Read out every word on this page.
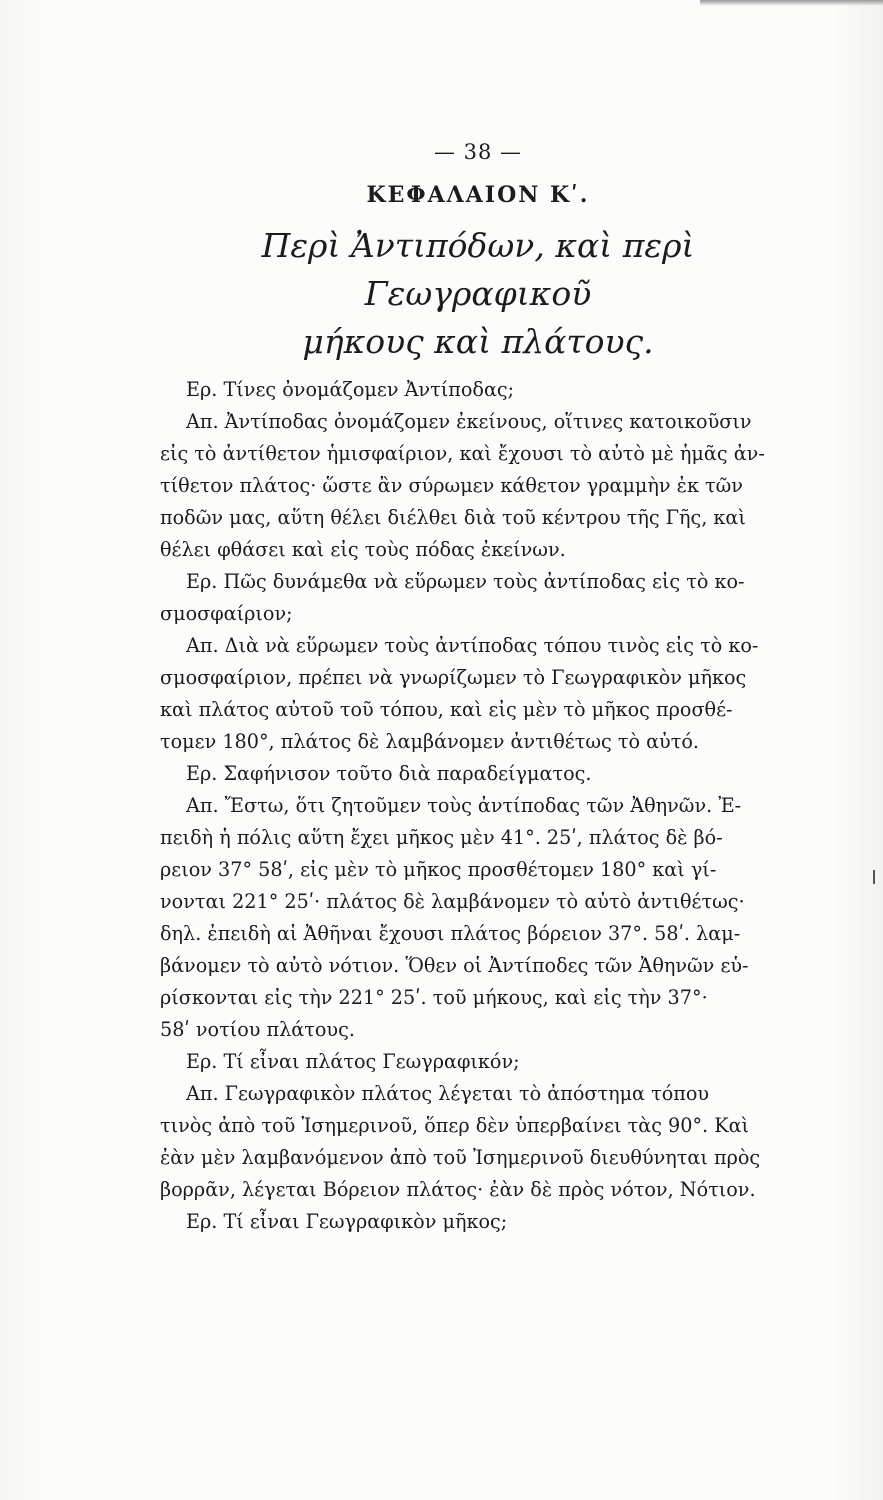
— 38 —
ΚΕΦΑΛΑΙΟΝ Κʹ.
Περὶ Ἀντιπόδων, καὶ περὶ Γεωγραφικοῦ
μήκους καὶ πλάτους.
Ερ. Τίνες ὀνομάζομεν Ἀντίποδας;
Απ. Ἀντίποδας ὀνομάζομεν ἐκείνους, οἵτινες κατοικοῦσιν
εἰς τὸ ἀντίθετον ἡμισφαίριον, καὶ ἔχουσι τὸ αὐτὸ μὲ ἡμᾶς ἀν-
τίθετον πλάτος· ὥστε ἂν σύρωμεν κάθετον γραμμὴν ἐκ τῶν
ποδῶν μας, αὕτη θέλει διέλθει διὰ τοῦ κέντρου τῆς Γῆς, καὶ
θέλει φθάσει καὶ εἰς τοὺς πόδας ἐκείνων.
Ερ. Πῶς δυνάμεθα νὰ εὕρωμεν τοὺς ἀντίποδας εἰς τὸ κο-
σμοσφαίριον;
Απ. Διὰ νὰ εὕρωμεν τοὺς ἀντίποδας τόπου τινὸς εἰς τὸ κο-
σμοσφαίριον, πρέπει νὰ γνωρίζωμεν τὸ Γεωγραφικὸν μῆκος
καὶ πλάτος αὐτοῦ τοῦ τόπου, καὶ εἰς μὲν τὸ μῆκος προσθέ-
τομεν 180°, πλάτος δὲ λαμβάνομεν ἀντιθέτως τὸ αὐτό.
Ερ. Σαφήνισον τοῦτο διὰ παραδείγματος.
Απ. Ἔστω, ὅτι ζητοῦμεν τοὺς ἀντίποδας τῶν Ἀθηνῶν. Ἐ-
πειδὴ ἡ πόλις αὕτη ἔχει μῆκος μὲν 41°. 25ʹ, πλάτος δὲ βό-
ρειον 37° 58ʹ, εἰς μὲν τὸ μῆκος προσθέτομεν 180° καὶ γί-
νονται 221° 25ʹ· πλάτος δὲ λαμβάνομεν τὸ αὐτὸ ἀντιθέτως·
δηλ. ἐπειδὴ αἱ Ἀθῆναι ἔχουσι πλάτος βόρειον 37°. 58ʹ. λαμ-
βάνομεν τὸ αὐτὸ νότιον. Ὅθεν οἱ Ἀντίποδες τῶν Ἀθηνῶν εὑ-
ρίσκονται εἰς τὴν 221° 25ʹ. τοῦ μήκους, καὶ εἰς τὴν 37°·
58ʹ νοτίου πλάτους.
Ερ. Τί εἶναι πλάτος Γεωγραφικόν;
Απ. Γεωγραφικὸν πλάτος λέγεται τὸ ἀπόστημα τόπου
τινὸς ἀπὸ τοῦ Ἰσημερινοῦ, ὅπερ δὲν ὑπερβαίνει τὰς 90°. Καὶ
ἐὰν μὲν λαμβανόμενον ἀπὸ τοῦ Ἰσημερινοῦ διευθύνηται πρὸς
βορρᾶν, λέγεται Βόρειον πλάτος· ἐὰν δὲ πρὸς νότον, Νότιον.
Ερ. Τί εἶναι Γεωγραφικὸν μῆκος;
